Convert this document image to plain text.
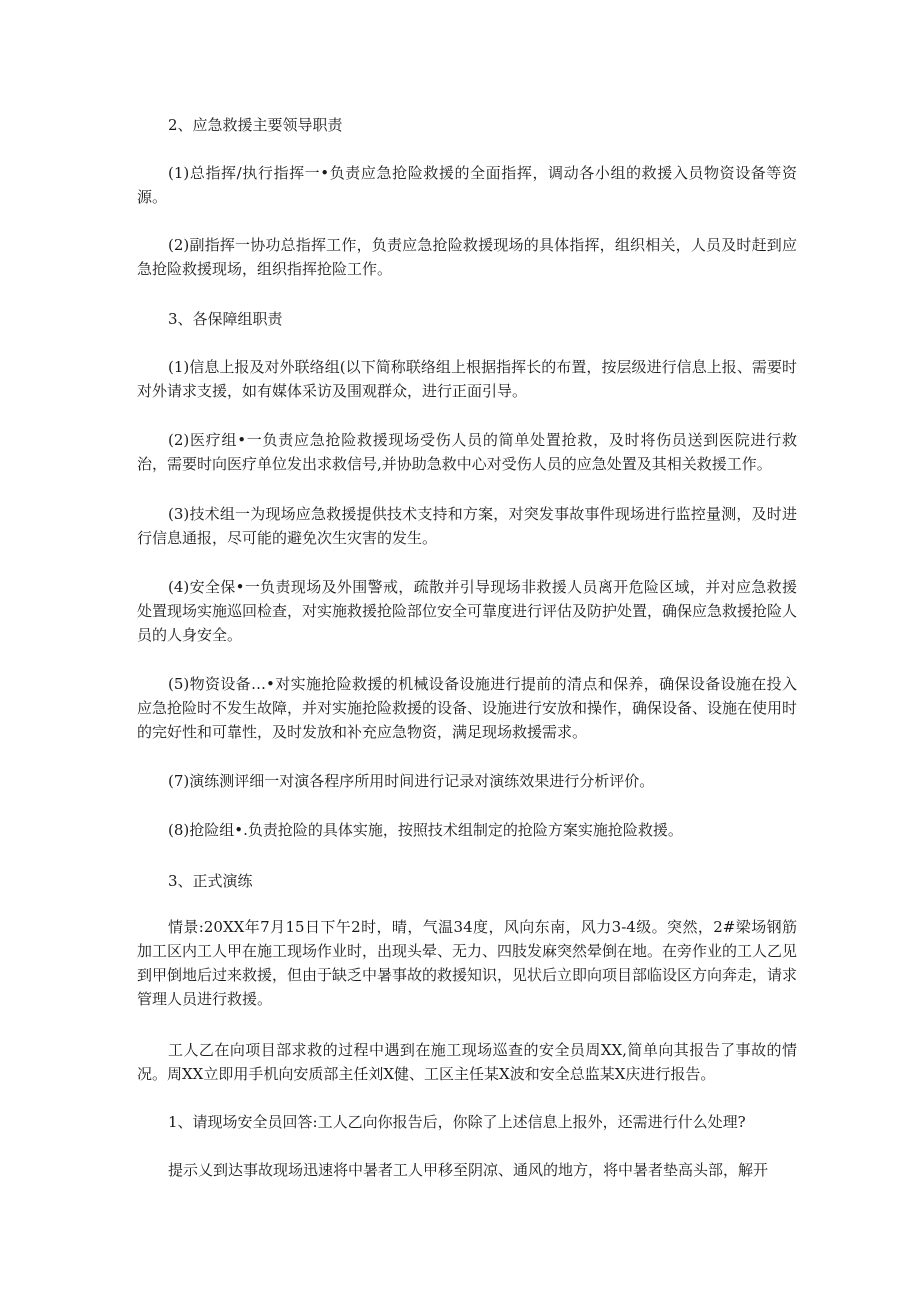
2、应急救援主要领导职责

(1)总指挥/执行指挥一•负责应急抢险救援的全面指挥，调动各小组的救援入员物资设备等资源。

(2)副指挥一协功总指挥工作，负责应急抢险救援现场的具体指挥，组织相关，人员及时赶到应急抢险救援现场，组织指挥抢险工作。

3、各保障组职责

(1)信息上报及对外联络组(以下简称联络组上根据指挥长的布置，按层级进行信息上报、需要时对外请求支援，如有媒体采访及围观群众，进行正面引导。

(2)医疗组•一负责应急抢险救援现场受伤人员的简单处置抢救，及时将伤员送到医院进行救治，需要时向医疗单位发出求救信号,并协助急救中心对受伤人员的应急处置及其相关救援工作。

(3)技术组一为现场应急救援提供技术支持和方案，对突发事故事件现场进行监控量测，及时进行信息通报，尽可能的避免次生灾害的发生。

(4)安全保•一负责现场及外围警戒，疏散并引导现场非救援人员离开危险区域，并对应急救援处置现场实施巡回检查，对实施救援抢险部位安全可靠度进行评估及防护处置，确保应急救援抢险人员的人身安全。

(5)物资设备…•对实施抢险救援的机械设备设施进行提前的清点和保养，确保设备设施在投入应急抢险时不发生故障，并对实施抢险救援的设备、设施进行安放和操作，确保设备、设施在使用时的完好性和可靠性，及时发放和补充应急物资，满足现场救援需求。

(7)演练测评细一对演各程序所用时间进行记录对演练效果进行分析评价。

(8)抢险组•.负责抢险的具体实施，按照技术组制定的抢险方案实施抢险救援。

3、正式演练

情景:20XX年7月15日下午2时，晴，气温34度，风向东南，风力3-4级。突然，2#梁场钢筋加工区内工人甲在施工现场作业时，出现头晕、无力、四肢发麻突然晕倒在地。在旁作业的工人乙见到甲倒地后过来救援，但由于缺乏中暑事故的救援知识，见状后立即向项目部临设区方向奔走，请求管理人员进行救援。

工人乙在向项目部求救的过程中遇到在施工现场巡查的安全员周XX,简单向其报告了事故的情况。周XX立即用手机向安质部主任刘X健、工区主任某X波和安全总监某X庆进行报告。

1、请现场安全员回答:工人乙向你报告后，你除了上述信息上报外，还需进行什么处理?

提示乂到达事故现场迅速将中暑者工人甲移至阴凉、通风的地方，将中暑者垫高头部，解开
